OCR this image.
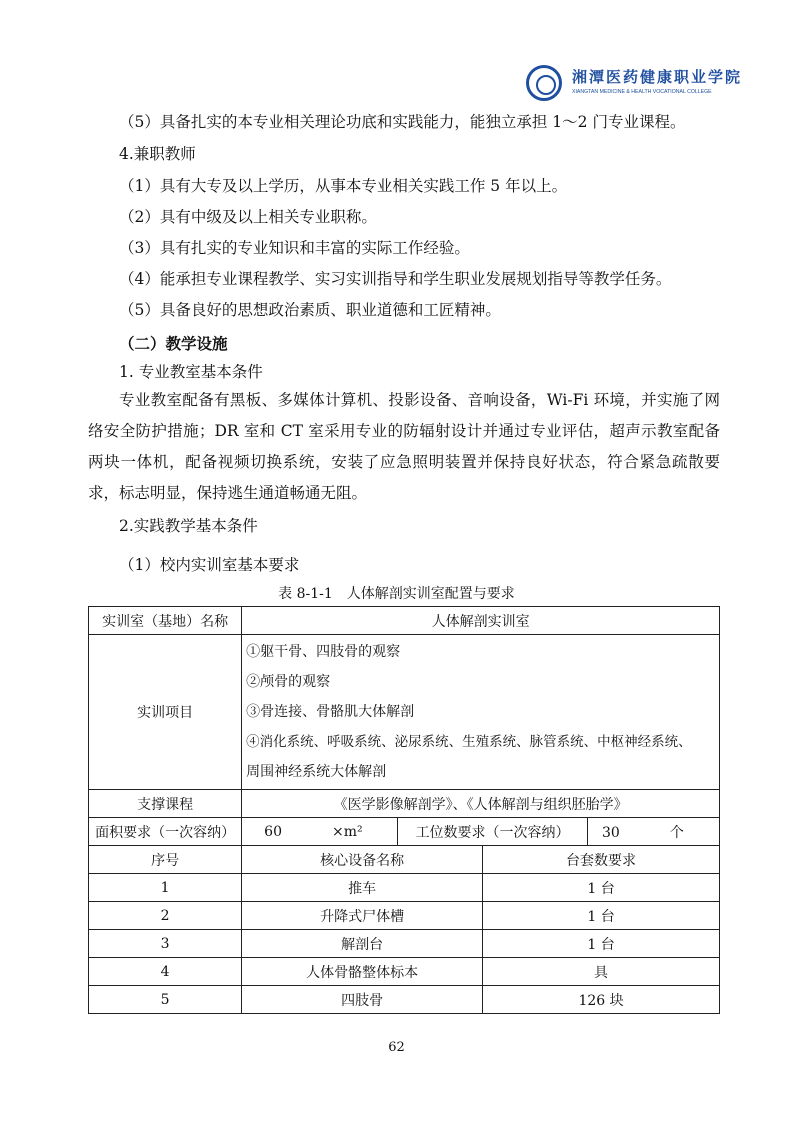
湘潭医药健康职业学院
XIANGTAN MEDICINE & HEALTH VOCATIONAL COLLEGE
（5）具备扎实的本专业相关理论功底和实践能力，能独立承担 1～2 门专业课程。
4.兼职教师
（1）具有大专及以上学历，从事本专业相关实践工作 5 年以上。
（2）具有中级及以上相关专业职称。
（3）具有扎实的专业知识和丰富的实际工作经验。
（4）能承担专业课程教学、实习实训指导和学生职业发展规划指导等教学任务。
（5）具备良好的思想政治素质、职业道德和工匠精神。
（二）教学设施
1. 专业教室基本条件
专业教室配备有黑板、多媒体计算机、投影设备、音响设备，Wi-Fi 环境，并实施了网络安全防护措施；DR 室和 CT 室采用专业的防辐射设计并通过专业评估，超声示教室配备两块一体机，配备视频切换系统，安装了应急照明装置并保持良好状态，符合紧急疏散要求，标志明显，保持逃生通道畅通无阻。
2.实践教学基本条件
（1）校内实训室基本要求
表 8-1-1　人体解剖实训室配置与要求
实训室（基地）名称	人体解剖实训室			
实训项目	①躯干骨、四肢骨的观察
②颅骨的观察
③骨连接、骨骼肌大体解剖
④消化系统、呼吸系统、泌尿系统、生殖系统、脉管系统、中枢神经系统、
周围神经系统大体解剖			

支撑课程	《医学影像解剖学》、《人体解剖与组织胚胎学》			
面积要求（一次容纳）	60 ×m²	工位数要求（一次容纳）		30 个
序号	核心设备名称		台套数要求	
1	推车		1 台	
2	升降式尸体槽		1 台	
3	解剖台		1 台	
4	人体骨骼整体标本		具	
5	四肢骨		126 块	
62
